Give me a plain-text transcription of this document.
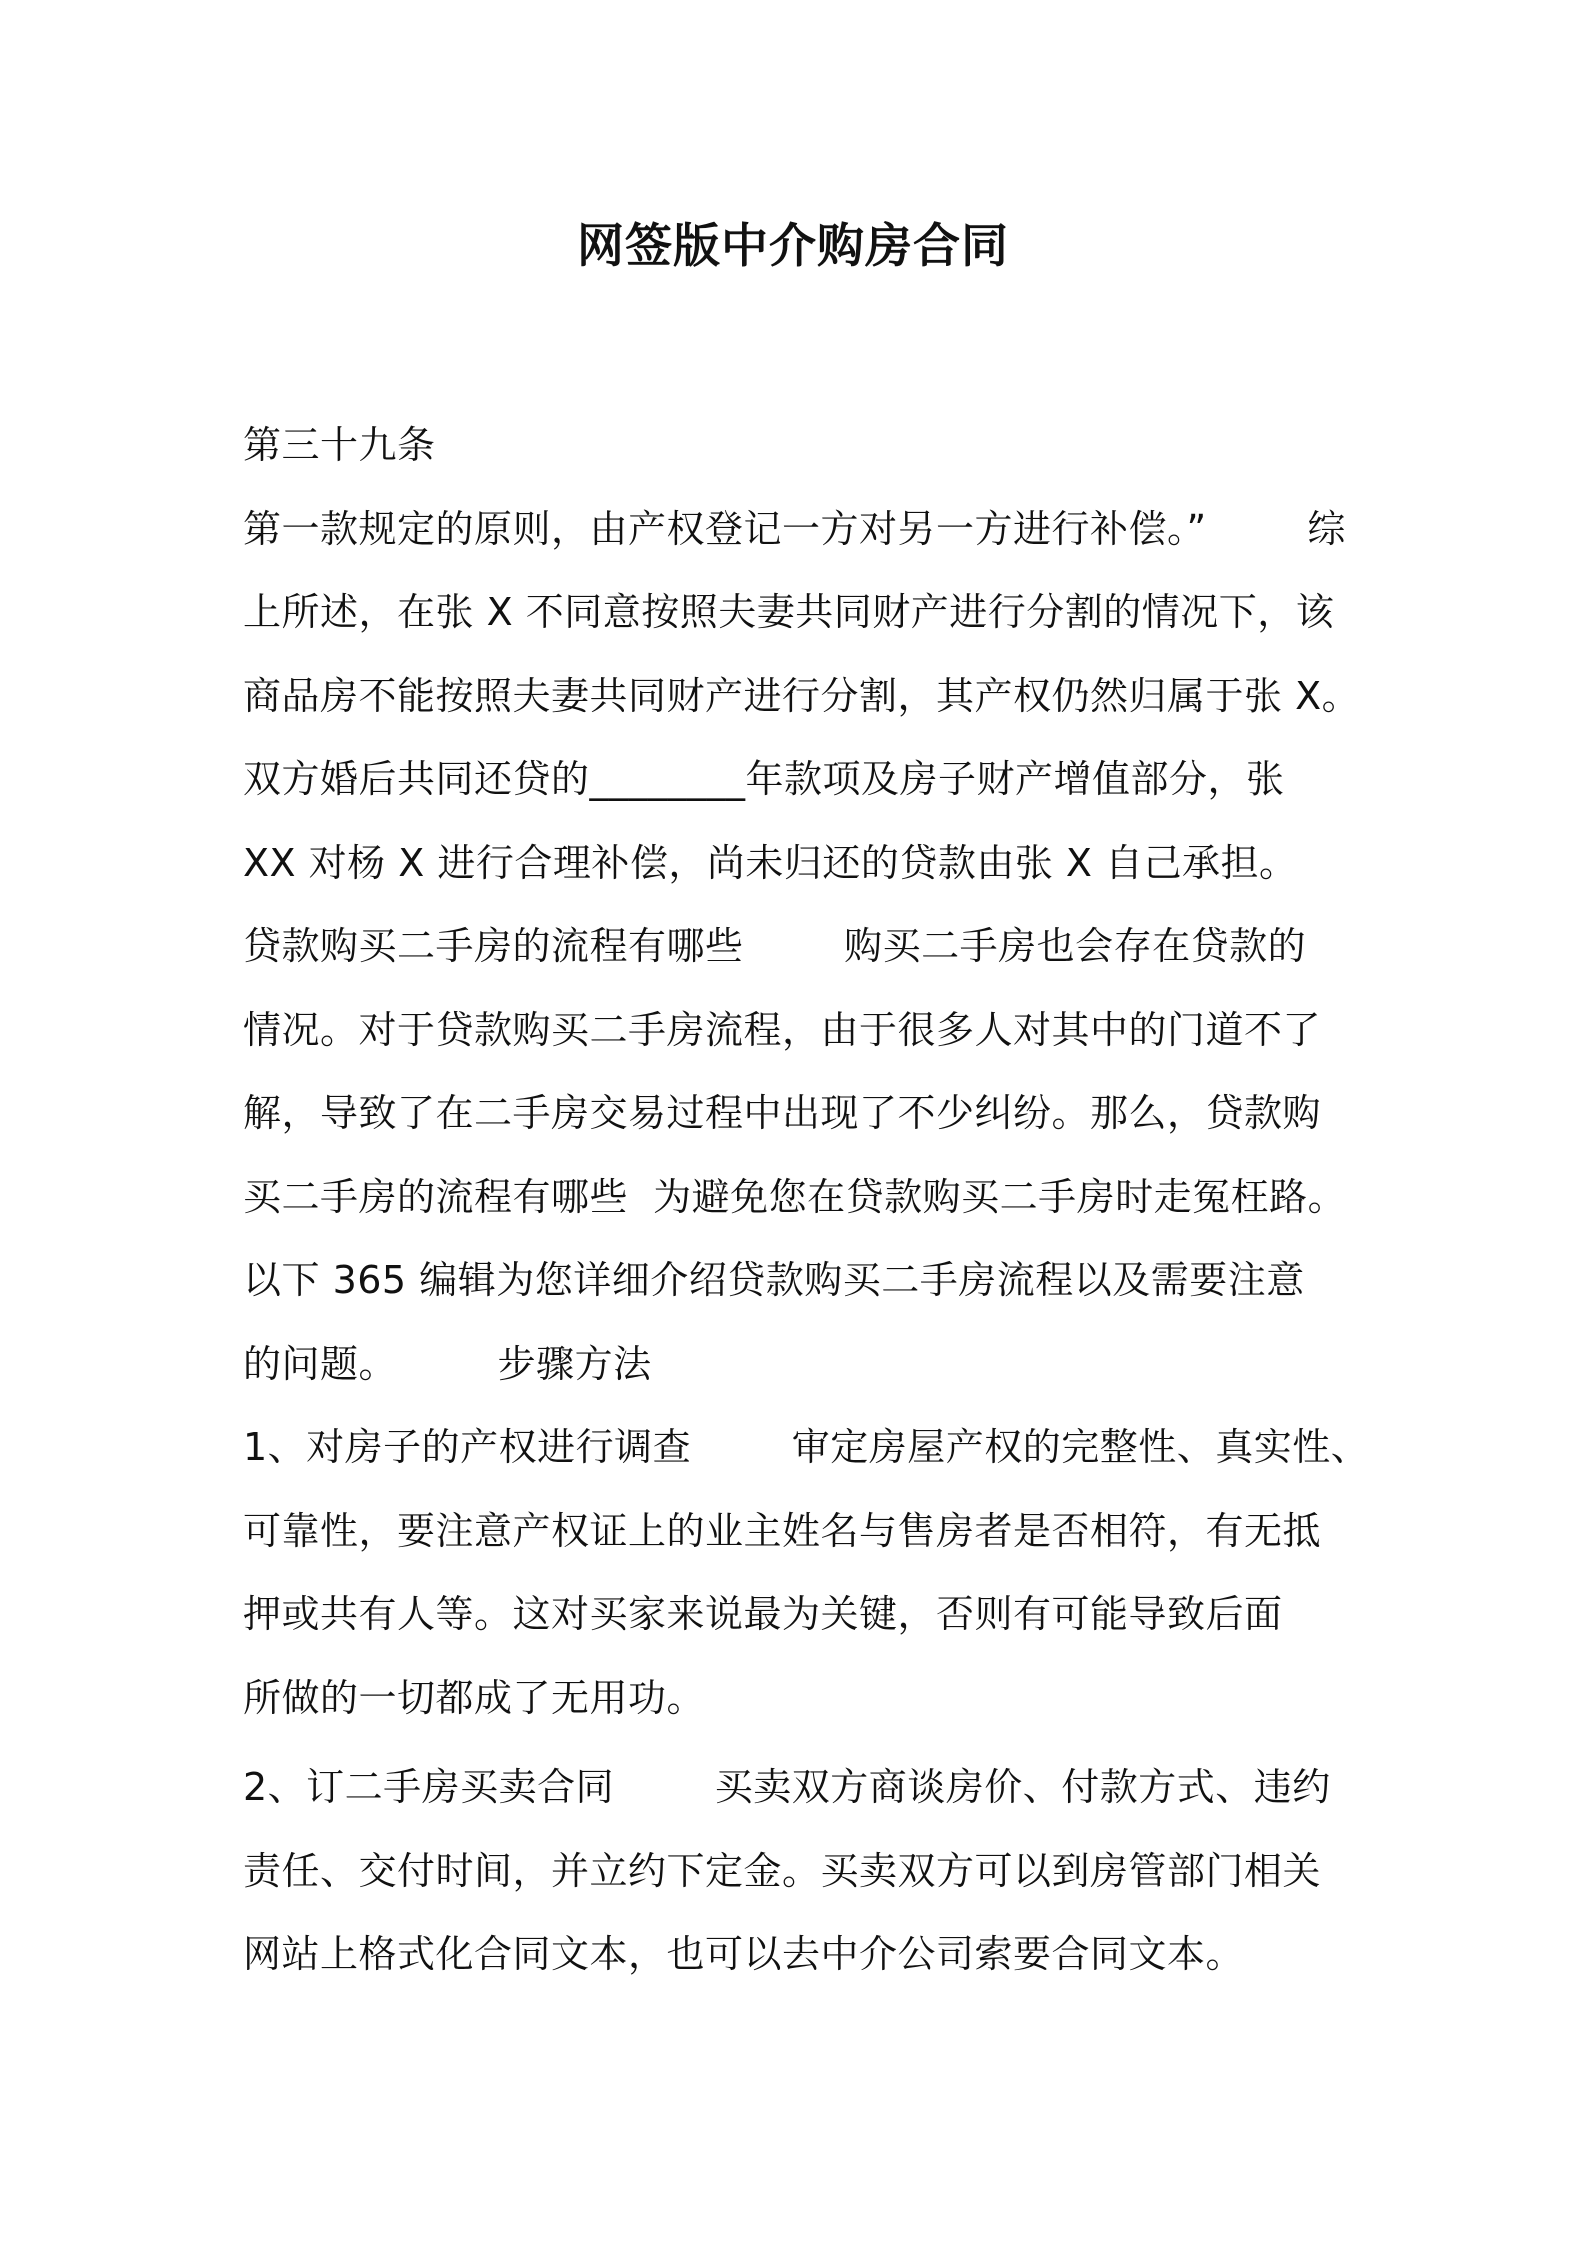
网签版中介购房合同
第三十九条
第一款规定的原则，由产权登记一方对另一方进行补偿。”        综
上所述，在张 X 不同意按照夫妻共同财产进行分割的情况下，该
商品房不能按照夫妻共同财产进行分割，其产权仍然归属于张 X。
双方婚后共同还贷的________年款项及房子财产增值部分，张
XX 对杨 X 进行合理补偿，尚未归还的贷款由张 X 自己承担。
贷款购买二手房的流程有哪些        购买二手房也会存在贷款的
情况。对于贷款购买二手房流程，由于很多人对其中的门道不了
解，导致了在二手房交易过程中出现了不少纠纷。那么，贷款购
买二手房的流程有哪些  为避免您在贷款购买二手房时走冤枉路。
以下 365 编辑为您详细介绍贷款购买二手房流程以及需要注意
的问题。        步骤方法
1、对房子的产权进行调查        审定房屋产权的完整性、真实性、
可靠性，要注意产权证上的业主姓名与售房者是否相符，有无抵
押或共有人等。这对买家来说最为关键，否则有可能导致后面
所做的一切都成了无用功。
2、订二手房买卖合同        买卖双方商谈房价、付款方式、违约
责任、交付时间，并立约下定金。买卖双方可以到房管部门相关
网站上格式化合同文本，也可以去中介公司索要合同文本。
